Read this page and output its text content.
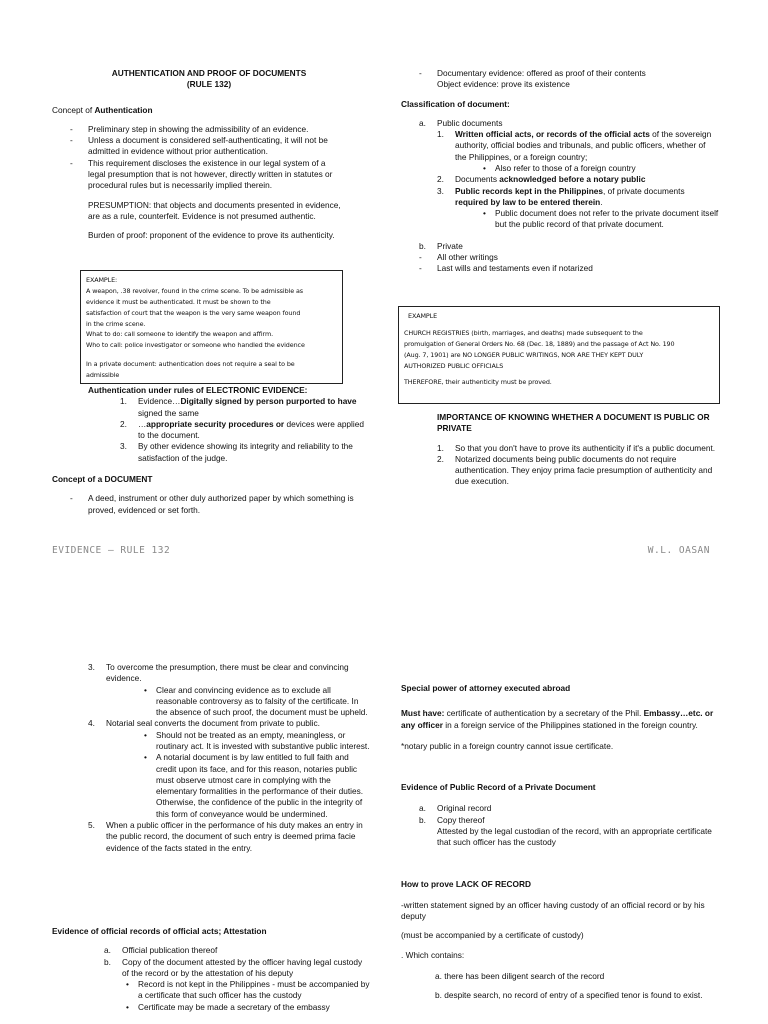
AUTHENTICATION AND PROOF OF DOCUMENTS

(RULE 132)

Concept of Authentication

- Preliminary step in showing the admissibility of an evidence.

- Unless a document is considered self-authenticating, it will not be admitted in evidence without prior authentication.

- This requirement discloses the existence in our legal system of a legal presumption that is not however, directly written in statutes or procedural rules but is necessarily implied therein.

PRESUMPTION: that objects and documents presented in evidence, are as a rule, counterfeit. Evidence is not presumed authentic.

Burden of proof: proponent of the evidence to prove its authenticity.

EXAMPLE:

A weapon, .38 revolver, found in the crime scene. To be admissible as

evidence it must be authenticated. It must be shown to the

satisfaction of court that the weapon is the very same weapon found

in the crime scene.

What to do: call someone to identify the weapon and affirm.

Who to call: police investigator or someone who handled the evidence

In a private document: authentication does not require a seal to be

admissible

Authentication under rules of ELECTRONIC EVIDENCE:

1. Evidence…Digitally signed by person purported to have signed the same

2. …appropriate security procedures or devices were applied to the document.

3. By other evidence showing its integrity and reliability to the satisfaction of the judge.

Concept of a DOCUMENT

- A deed, instrument or other duly authorized paper by which something is proved, evidenced or set forth.

- Documentary evidence: offered as proof of their contents

Object evidence: prove its existence

Classification of document:

a. Public documents

1. Written official acts, or records of the official acts of the sovereign authority, official bodies and tribunals, and public officers, whether of the Philippines, or a foreign country;

• Also refer to those of a foreign country

2. Documents acknowledged before a notary public

3. Public records kept in the Philippines, of private documents required by law to be entered therein.

• Public document does not refer to the private document itself but the public record of that private document.

b. Private

- All other writings

- Last wills and testaments even if notarized

EXAMPLE

CHURCH REGISTRIES (birth, marriages, and deaths) made subsequent to the

promulgation of General Orders No. 68 (Dec. 18, 1889) and the passage of Act No. 190

(Aug. 7, 1901) are NO LONGER PUBLIC WRITINGS, NOR ARE THEY KEPT DULY

AUTHORIZED PUBLIC OFFICIALS

THEREFORE, their authenticity must be proved.

IMPORTANCE OF KNOWING WHETHER A DOCUMENT IS PUBLIC OR PRIVATE

1. So that you don't have to prove its authenticity if it's a public document.

2. Notarized documents being public documents do not require authentication. They enjoy prima facie presumption of authenticity and due execution.

EVIDENCE – RULE 132	W.L. OASAN

3. To overcome the presumption, there must be clear and convincing evidence.

• Clear and convincing evidence as to exclude all reasonable controversy as to falsity of the certificate. In the absence of such proof, the document must be upheld.

4. Notarial seal converts the document from private to public.

• Should not be treated as an empty, meaningless, or routinary act. It is invested with substantive public interest.

• A notarial document is by law entitled to full faith and credit upon its face, and for this reason, notaries public must observe utmost care in complying with the elementary formalities in the performance of their duties. Otherwise, the confidence of the public in the integrity of this form of conveyance would be undermined.

5. When a public officer in the performance of his duty makes an entry in the public record, the document of such entry is deemed prima facie evidence of the facts stated in the entry.

Evidence of official records of official acts; Attestation

a. Official publication thereof

b. Copy of the document attested by the officer having legal custody of the record or by the attestation of his deputy

• Record is not kept in the Philippines - must be accompanied by a certificate that such officer has the custody

• Certificate may be made a secretary of the embassy

Special power of attorney executed abroad

Must have: certificate of authentication by a secretary of the Phil. Embassy…etc. or any officer in a foreign service of the Philippines stationed in the foreign country.

*notary public in a foreign country cannot issue certificate.

Evidence of Public Record of a Private Document

a. Original record

b. Copy thereof

Attested by the legal custodian of the record, with an appropriate certificate that such officer has the custody

How to prove LACK OF RECORD

-written statement signed by an officer having custody of an official record or by his deputy

(must be accompanied by a certificate of custody)

. Which contains:

a. there has been diligent search of the record

b. despite search, no record of entry of a specified tenor is found to exist.
